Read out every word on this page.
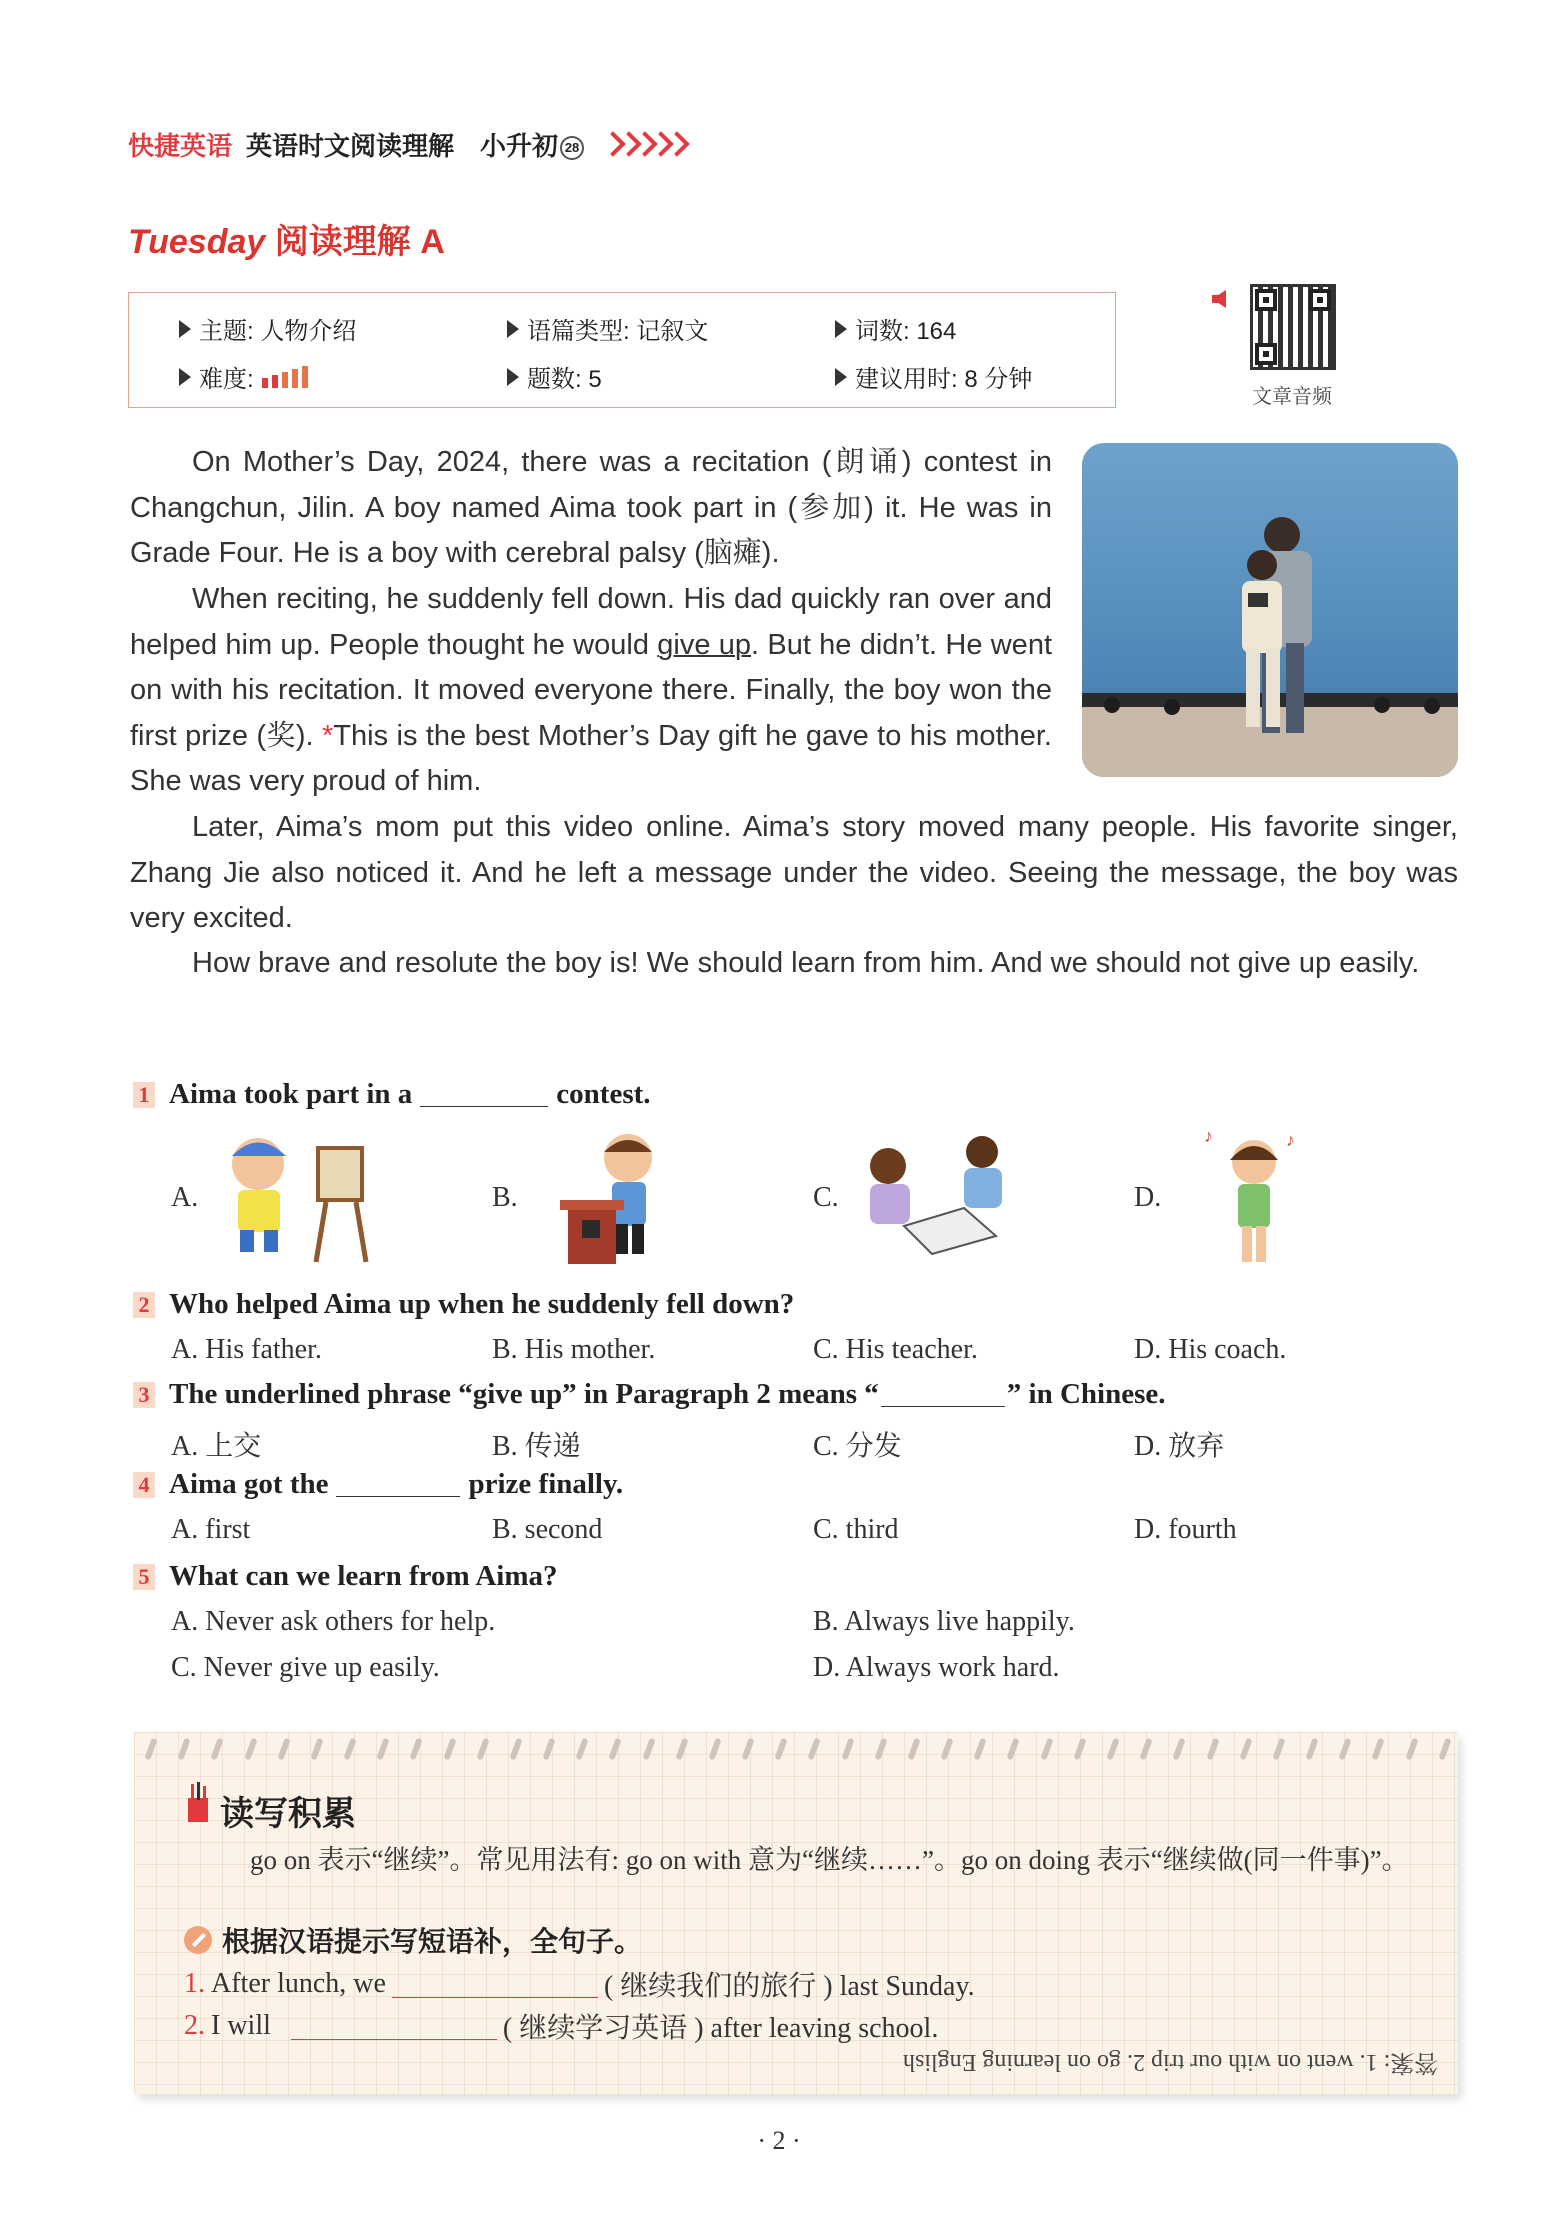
快捷英语 英语时文阅读理解 小升初 28
Tuesday 阅读理解 A
主题: 人物介绍	语篇类型: 记叙文	词数: 164
难度:	题数: 5	建议用时: 8 分钟
文章音频
On Mother’s Day, 2024, there was a recitation (朗诵) contest in Changchun, Jilin. A boy named Aima took part in (参加) it. He was in Grade Four. He is a boy with cerebral palsy (脑瘫).
When reciting, he suddenly fell down. His dad quickly ran over and helped him up. People thought he would give up. But he didn’t. He went on with his recitation. It moved everyone there. Finally, the boy won the first prize (奖). *This is the best Mother’s Day gift he gave to his mother. She was very proud of him.
Later, Aima’s mom put this video online. Aima’s story moved many people. His favorite singer, Zhang Jie also noticed it. And he left a message under the video. Seeing the message, the boy was very excited.
How brave and resolute the boy is! We should learn from him. And we should not give up easily.
1 Aima took part in a	contest.
A.	B.	C.	D.
♪	♪
2 Who helped Aima up when he suddenly fell down?
A. His father.	B. His mother.	C. His teacher.	D. His coach.
3 The underlined phrase “give up” in Paragraph 2 means “	” in Chinese.
A. 上交	B. 传递	C. 分发	D. 放弃
4 Aima got the	prize finally.
A. first	B. second	C. third	D. fourth
5 What can we learn from Aima?
A. Never ask others for help.	B. Always live happily.
C. Never give up easily.	D. Always work hard.
读写积累
go on 表示“继续”。常见用法有: go on with 意为“继续……”。go on doing 表示“继续做(同一件事)”。
根据汉语提示写短语补，全句子。
1. After lunch, we	( 继续我们的旅行 ) last Sunday.
2. I will	( 继续学习英语 ) after leaving school.
答案: 1. went on with our trip 2. go on learning English
· 2 ·
